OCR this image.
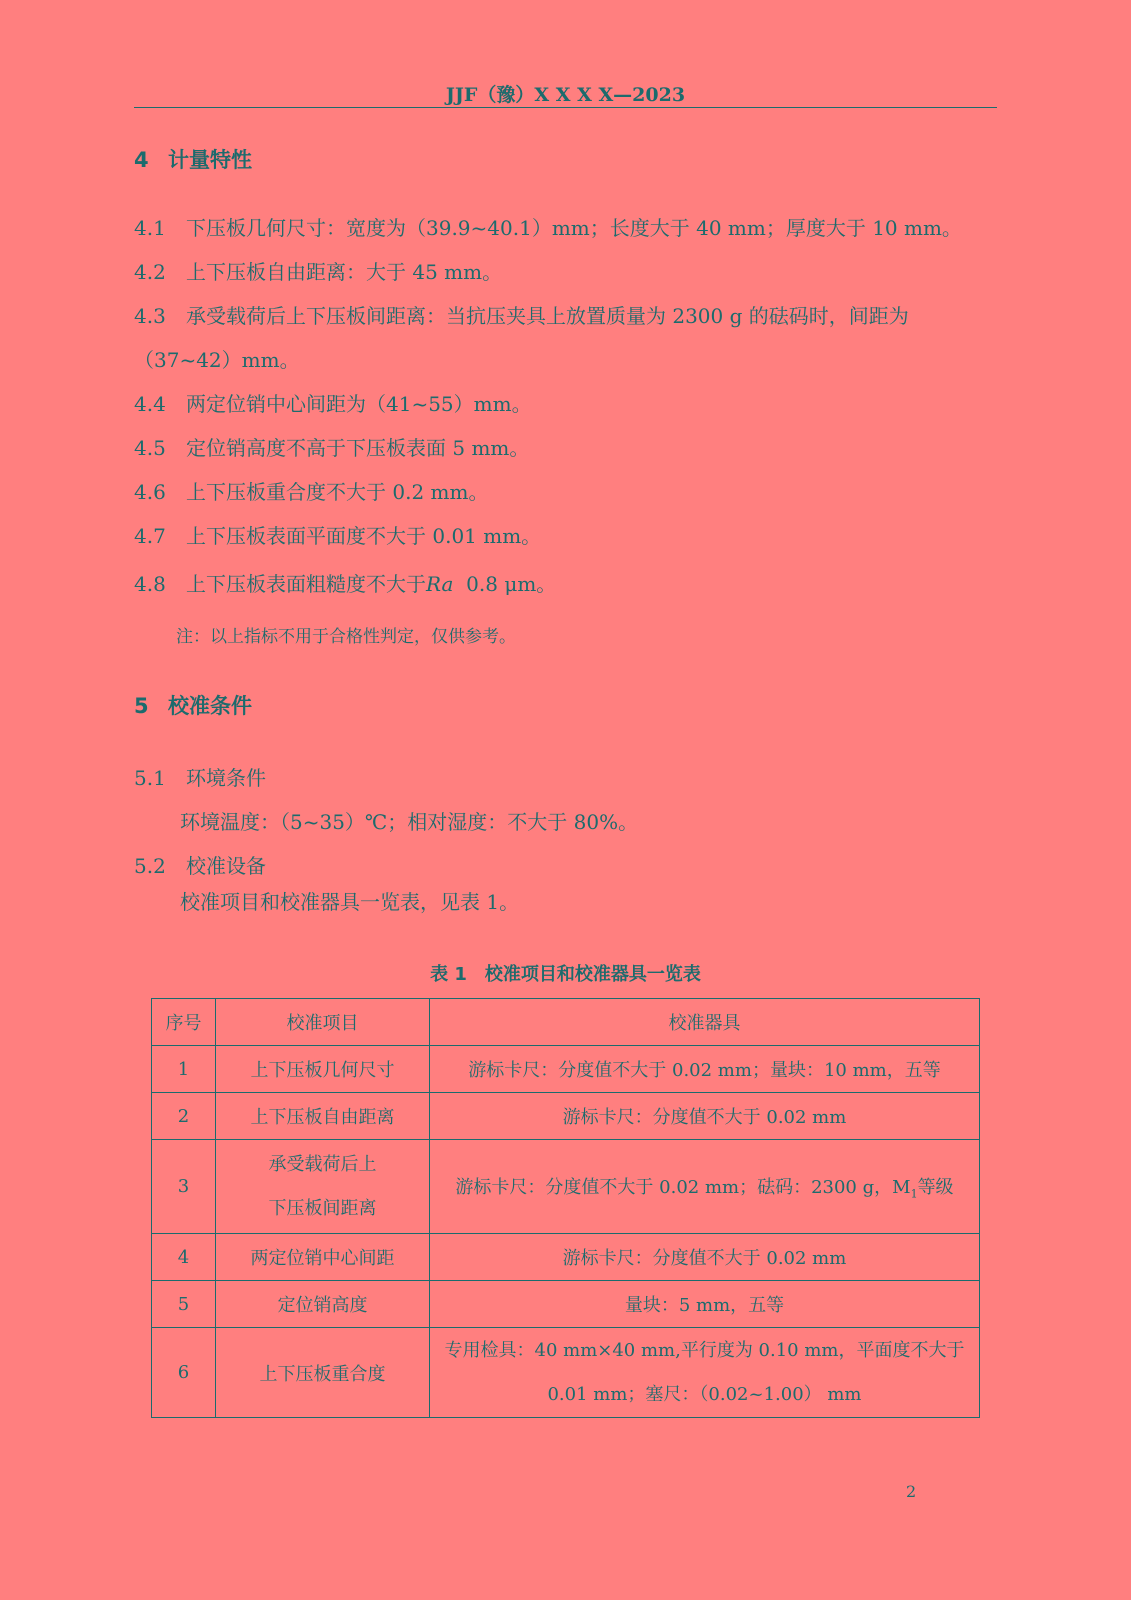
JJF（豫）X X X X—2023
4 计量特性
4.1 下压板几何尺寸：宽度为（39.9~40.1）mm；长度大于 40 mm；厚度大于 10 mm。
4.2 上下压板自由距离：大于 45 mm。
4.3 承受载荷后上下压板间距离：当抗压夹具上放置质量为 2300 g 的砝码时，间距为
（37~42）mm。
4.4 两定位销中心间距为（41~55）mm。
4.5 定位销高度不高于下压板表面 5 mm。
4.6 上下压板重合度不大于 0.2 mm。
4.7 上下压板表面平面度不大于 0.01 mm。
4.8 上下压板表面粗糙度不大于Ra 0.8 μm。
注：以上指标不用于合格性判定，仅供参考。
5 校准条件
5.1 环境条件
环境温度：（5~35）℃；相对湿度：不大于 80%。
5.2 校准设备
校准项目和校准器具一览表，见表 1。
表 1　校准项目和校准器具一览表
序号	校准项目	校准器具
1	上下压板几何尺寸	游标卡尺：分度值不大于 0.02 mm；量块：10 mm，五等
2	上下压板自由距离	游标卡尺：分度值不大于 0.02 mm
3	承受载荷后上
下压板间距离	游标卡尺：分度值不大于 0.02 mm；砝码：2300 g，$M_1$等级
4	两定位销中心间距	游标卡尺：分度值不大于 0.02 mm
5	定位销高度	量块：5 mm，五等
6	上下压板重合度	专用检具：40 mm×40 mm,平行度为 0.10 mm，平面度不大于
0.01 mm；塞尺：（0.02~1.00） mm
2
